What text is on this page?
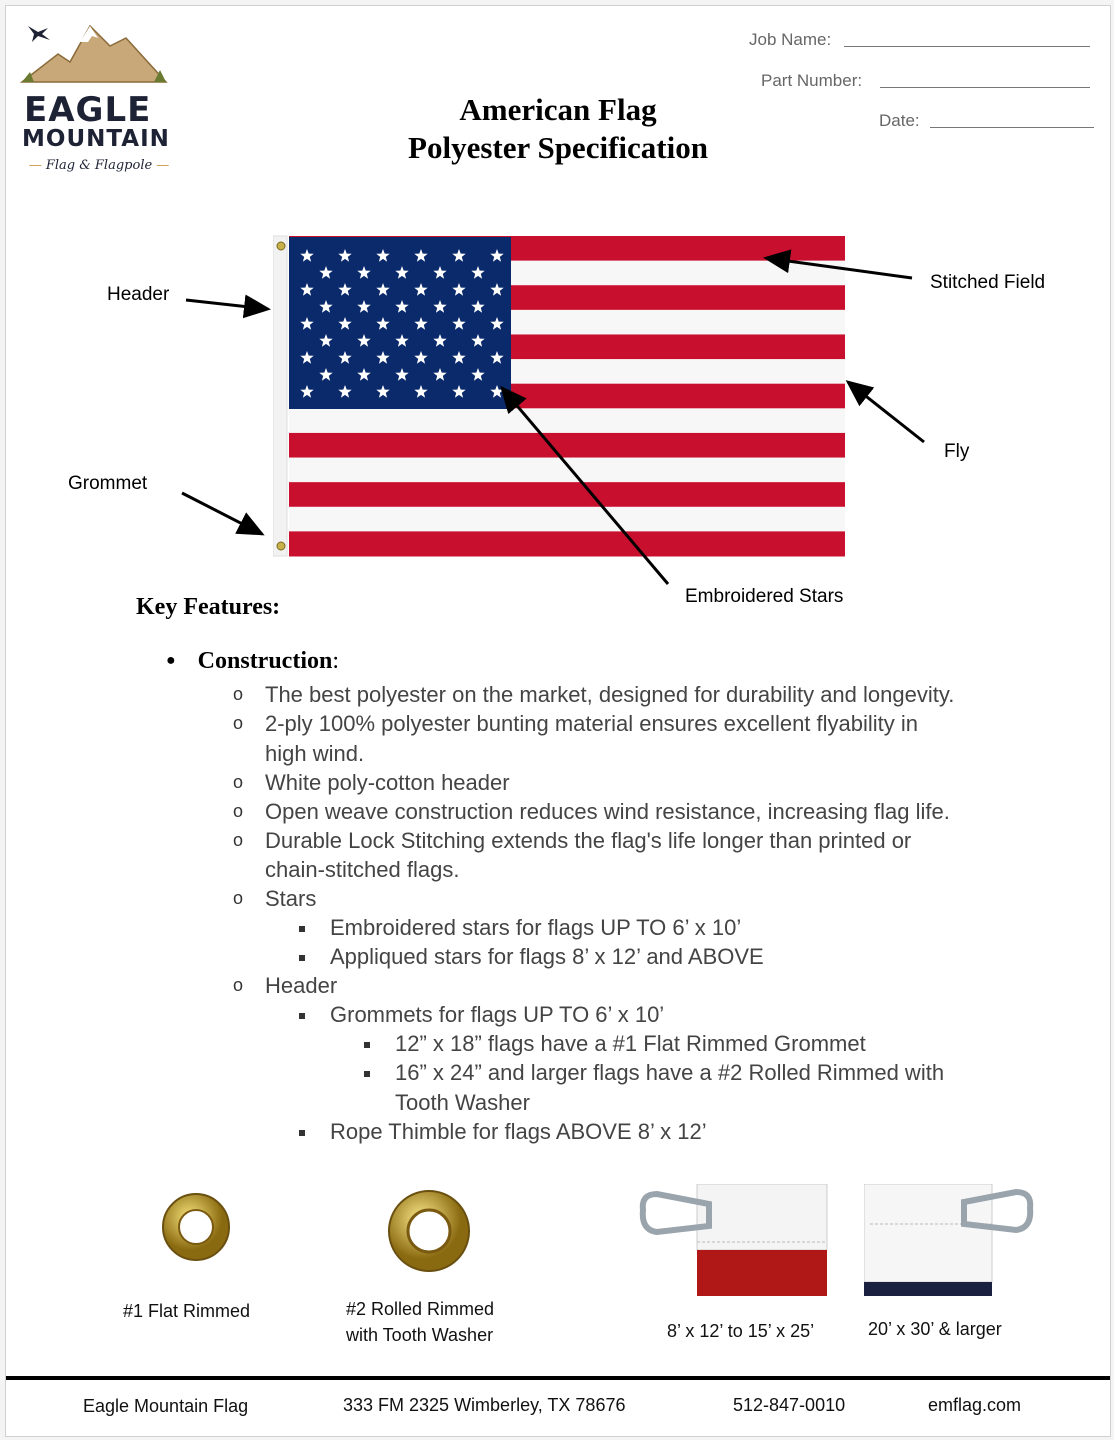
EAGLE
MOUNTAIN
— Flag & Flagpole —
American Flag
Polyester Specification
Job Name:
Part Number:
Date:
Header
Grommet
Stitched Field
Fly
Embroidered Stars
Key Features:
● Construction:
o The best polyester on the market, designed for durability and longevity.
o 2-ply 100% polyester bunting material ensures excellent flyability in
high wind.
o White poly-cotton header
o Open weave construction reduces wind resistance, increasing flag life.
o Durable Lock Stitching extends the flag's life longer than printed or
chain-stitched flags.
o Stars
Embroidered stars for flags UP TO 6’ x 10’
Appliqued stars for flags 8’ x 12’ and ABOVE
o Header
Grommets for flags UP TO 6’ x 10’
12” x 18” flags have a #1 Flat Rimmed Grommet
16” x 24” and larger flags have a #2 Rolled Rimmed with
Tooth Washer
Rope Thimble for flags ABOVE 8’ x 12’
#1 Flat Rimmed	#2 Rolled Rimmed
with Tooth Washer	8’ x 12’ to 15’ x 25’	20’ x 30’ & larger
Eagle Mountain Flag	333 FM 2325 Wimberley, TX 78676	512-847-0010	emflag.com
